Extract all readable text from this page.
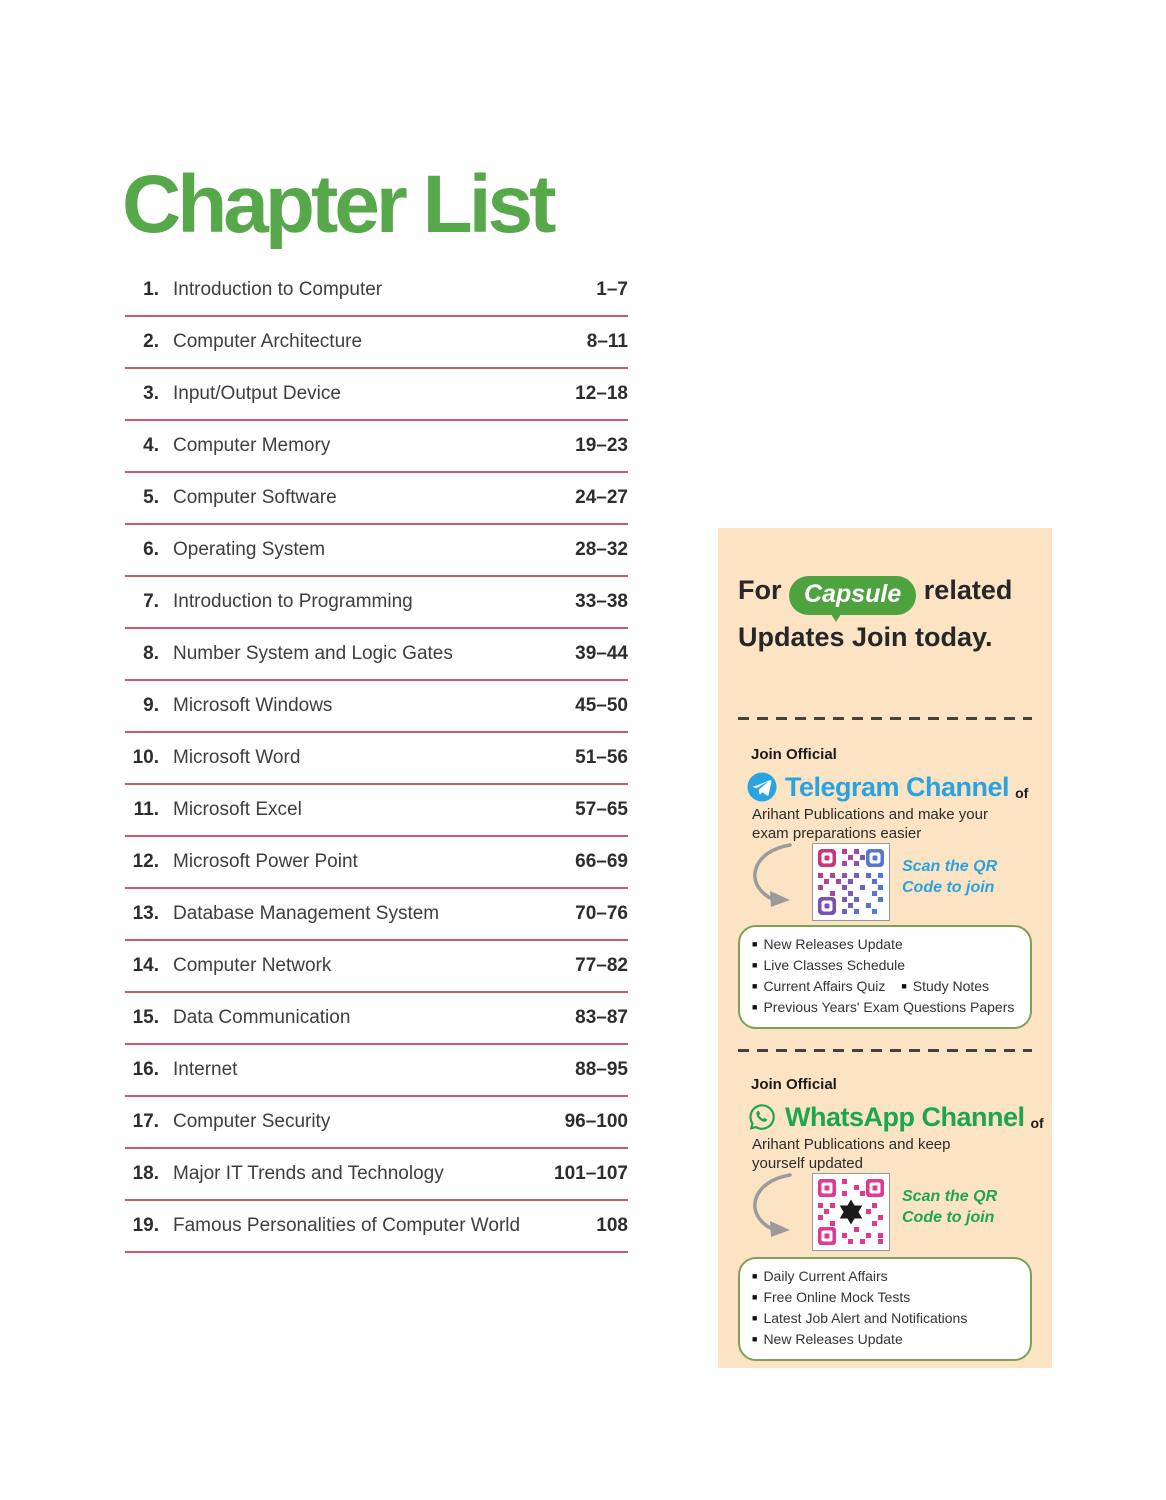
Chapter List
1. Introduction to Computer	1–7
2. Computer Architecture	8–11
3. Input/Output Device	12–18
4. Computer Memory	19–23
5. Computer Software	24–27
6. Operating System	28–32
7. Introduction to Programming	33–38
8. Number System and Logic Gates	39–44
9. Microsoft Windows	45–50
10. Microsoft Word	51–56
11. Microsoft Excel	57–65
12. Microsoft Power Point	66–69
13. Database Management System	70–76
14. Computer Network	77–82
15. Data Communication	83–87
16. Internet	88–95
17. Computer Security	96–100
18. Major IT Trends and Technology	101–107
19. Famous Personalities of Computer World	108
For Capsule related
Updates Join today.
Join Official
Telegram Channel of
Arihant Publications and make your
exam preparations easier
Scan the QR
Code to join
■ New Releases Update
■ Live Classes Schedule
■ Current Affairs Quiz ■ Study Notes
■ Previous Years' Exam Questions Papers
Join Official
WhatsApp Channel of
Arihant Publications and keep
yourself updated
Scan the QR
Code to join
■ Daily Current Affairs
■ Free Online Mock Tests
■ Latest Job Alert and Notifications
■ New Releases Update
